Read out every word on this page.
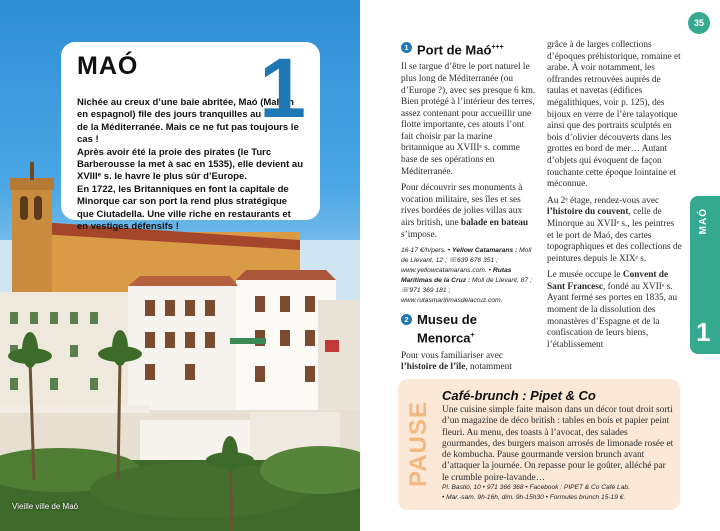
MAÓ	1

Nichée au creux d’une baie abritée, Maó (Mahón en espagnol) file des jours tranquilles au milieu de la Méditerranée. Mais ce ne fut pas toujours le cas !

Après avoir été la proie des pirates (le Turc Barberousse la met à sac en 1535), elle devient au XVIIIᵉ s. le havre le plus sûr d’Europe.

En 1722, les Britanniques en font la capitale de Minorque car son port la rend plus stratégique que Ciutadella. Une ville riche en restaurants et en vestiges défensifs !

Vieille ville de Maó
35
MAÓ
1
1 Port de Maó+++

Il se targue d’être le port naturel le plus long de Méditerranée (ou d’Europe ?), avec ses presque 6 km. Bien protégé à l’intérieur des terres, assez contenant pour accueillir une flotte importante, ces atouts l’ont fait choisir par la marine britannique au XVIIIᵉ s. comme base de ses opérations en Méditerranée.

Pour découvrir ses monuments à vocation militaire, ses îles et ses rives bordées de jolies villas aux airs british, une balade en bateau s’impose.

16-17 €/h/pers. • Yellow Catamarans : Moll de Llevant, 12 ; ☏639 676 351 ; www.yellowcatamarans.com. • Rutas Marítimas de la Cruz : Moll de Llevant, 87 ; ☏971 369 181 ; www.rutasmaritimasdelacruz.com.
2 Museu de Menorca+

Pour vous familiariser avec l’histoire de l’île, notamment

grâce à de larges collections d’époques préhistorique, romaine et arabe. À voir notamment, les offrandes retrouvées auprès de taulas et navetas (édifices mégalithiques, voir p. 125), des bijoux en verre de l’ère talayotique ainsi que des portraits sculptés en bois d’olivier découverts dans les grottes en bord de mer… Autant d’objets qui évoquent de façon touchante cette époque lointaine et méconnue.

Au 2ᵉ étage, rendez-vous avec l’histoire du couvent, celle de Minorque au XVIIᵉ s., les peintres et le port de Maó, des cartes topographiques et des collections de peintures depuis le XIXᵉ s.

Le musée occupe le Convent de Sant Francesc, fondé au XVIIᵉ s. Ayant fermé ses portes en 1835, au moment de la dissolution des monastères d’Espagne et de la confiscation de leurs biens, l’établissement

PAUSE
Café-brunch : Pipet & Co
Une cuisine simple faite maison dans un décor tout droit sorti d’un magazine de déco british : tables en bois et papier peint fleuri. Au menu, des toasts à l’avocat, des salades gourmandes, des burgers maison arrosés de limonade rosée et de kombucha. Pause gourmande version brunch avant d’attaquer la journée. On repasse pour le goûter, alléché par le crumble poire-lavande…
Pl. Bastió, 10 • 971 366 368 • Facebook : PIPET & Co Café Lab.
• Mar.-sam. 9h-16h, dim. 9h-15h30 • Formules brunch 15-19 €.
